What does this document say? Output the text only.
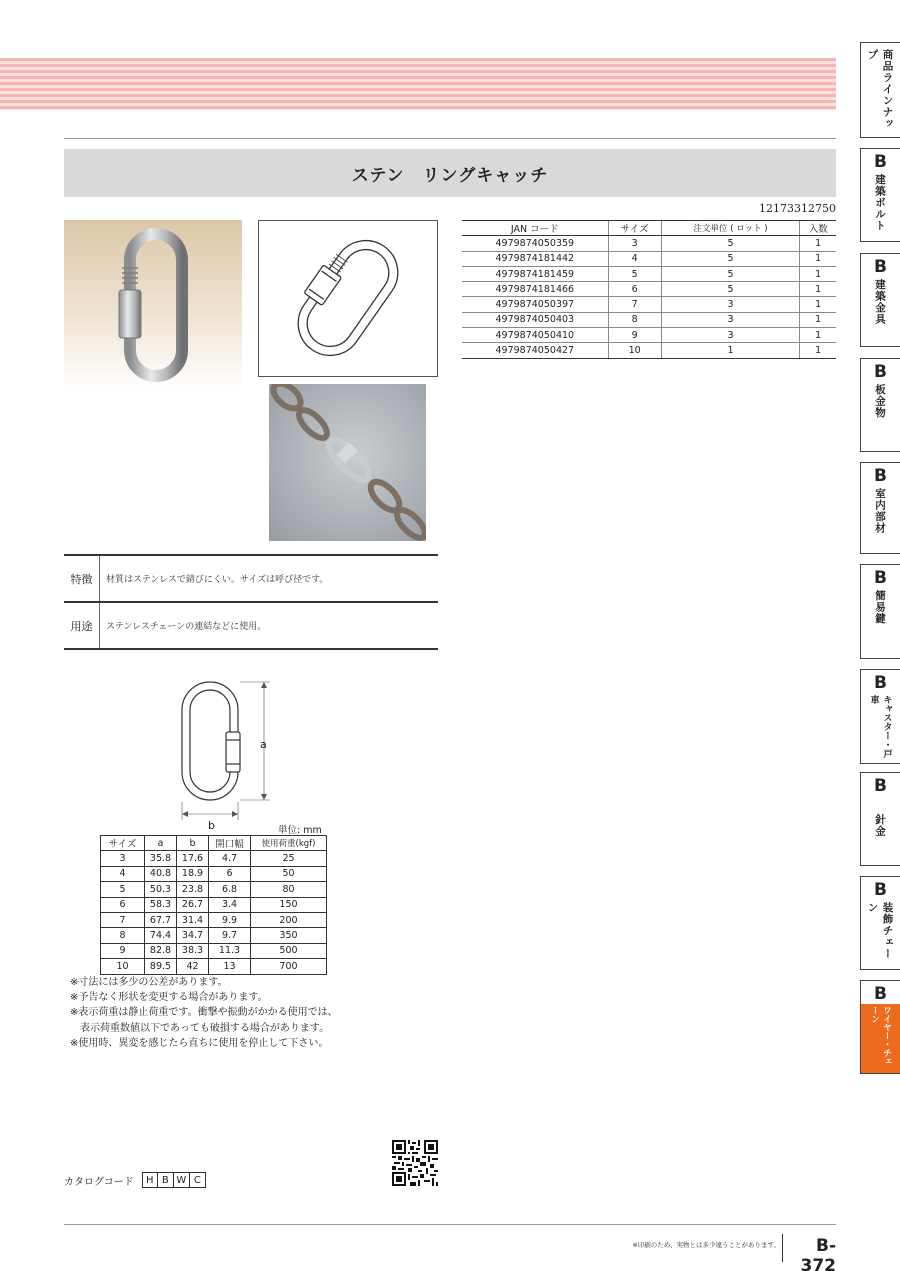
ステン　リングキャッチ
12173312750
JAN コード	サイズ	注文単位 ( ロット )	入数
4979874050359	3	5	1
4979874181442	4	5	1
4979874181459	5	5	1
4979874181466	6	5	1
4979874050397	7	3	1
4979874050403	8	3	1
4979874050410	9	3	1
4979874050427	10	1	1
特徴	材質はステンレスで錆びにくい。サイズは呼び径です。
用途	ステンレスチェーンの連結などに使用。
a
b	単位: mm
サイズ	a	b	開口幅	使用荷重(kgf)
3	35.8	17.6	4.7	25
4	40.8	18.9	6	50
5	50.3	23.8	6.8	80
6	58.3	26.7	3.4	150
7	67.7	31.4	9.9	200
8	74.4	34.7	9.7	350
9	82.8	38.3	11.3	500
10	89.5	42	13	700
※寸法には多少の公差があります。
※予告なく形状を変更する場合があります。
※表示荷重は静止荷重です。衝撃や振動がかかる使用では、
　表示荷重数値以下であっても破損する場合があります。
※使用時、異変を感じたら直ちに使用を停止して下さい。
カタログコード	H B W C
※印刷のため、実物とは多少違うことがあります。	B-372
商品ラインナップ
B
建築ボルト
B
建築金具
B
板金物
B
室内部材
B
簡易鍵
B
キャスター・戸車
B
針金
B
装飾チェーン
B
ワイヤー・チェーン
